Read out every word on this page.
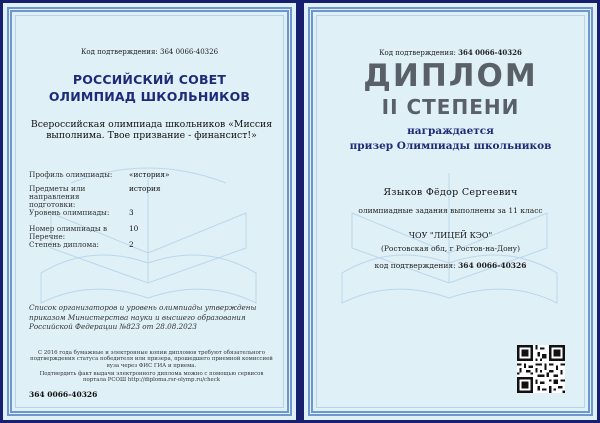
Код подтверждения: 364 0066-40326
РОССИЙСКИЙ СОВЕТ
ОЛИМПИАД ШКОЛЬНИКОВ
Всероссийская олимпиада школьников «Миссия выполнима. Твое призвание - финансист!»
Профиль олимпиады:	«история»
Предметы или направления подготовки:
история
Уровень олимпиады:	3
Номер олимпиады в Перечне:
10
Степень диплома:	2
Список организаторов и уровень олимпиады утверждены приказом Министерства науки и высшего образования Российской Федерации №823 от 28.08.2023
С 2016 года бумажные и электронные копии дипломов требуют обязательного подтверждения статуса победителя или призера, прошедшего приемной комиссией вуза через ФИС ГИА и приема.
Подтвердить факт выдачи электронного диплома можно с помощью сервисов портала РСОШ http://diploma.rsr-olymp.ru/check
364 0066-40326
Код подтверждения: 364 0066-40326
ДИПЛОМ
II СТЕПЕНИ
награждается
призер Олимпиады школьников
Языков Фёдор Сергеевич
олимпиадные задания выполнены за 11 класс
ЧОУ "ЛИЦЕЙ КЭО"
(Ростовская обл, г Ростов-на-Дону)
код подтверждения: 364 0066-40326
